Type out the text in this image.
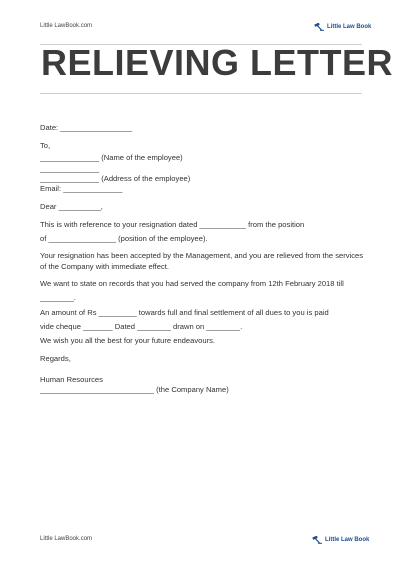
Little LawBook.com	Little Law Book
RELIEVING LETTER
Date: _________________
To,
______________ (Name of the employee)
______________
______________ (Address of the employee)
Email: ______________
Dear __________,
This is with reference to your resignation dated ___________ from the position
of ________________ (position of the employee).
Your resignation has been accepted by the Management, and you are relieved from the services
of the Company with immediate effect.
We want to state on records that you had served the company from 12th February 2018 till
________.
An amount of Rs _________ towards full and final settlement of all dues to you is paid
vide cheque _______ Dated ________ drawn on ________.
We wish you all the best for your future endeavours.
Regards,
Human Resources
___________________________ (the Company Name)
Little LawBook.com	Little Law Book
